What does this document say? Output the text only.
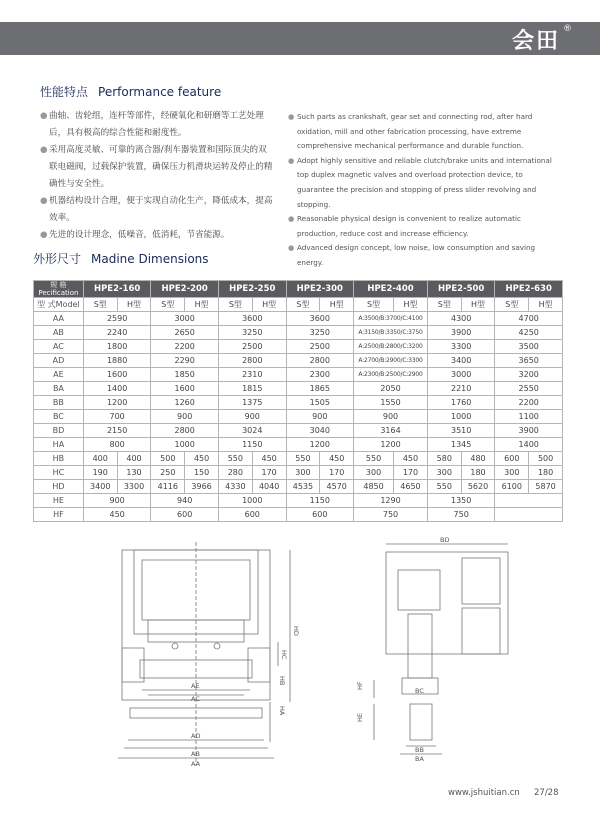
会田 ®
性能特点 Performance feature
● 曲轴、齿轮组，连杆等部件，经硬氧化和研磨等工艺处理后，具有极高的综合性能和耐度性。
● 采用高度灵敏、可靠的离合器/刹车器装置和国际顶尖的双联电磁阀，过载保护装置，确保压力机滑块运转及停止的精确性与安全性。
● 机器结构设计合理，便于实现自动化生产，降低成本，提高效率。
● 先进的设计理念，低噪音，低消耗，节省能源。
● Such parts as crankshaft, gear set and connecting rod, after hard oxidation, mill and other fabrication processing, have extreme comprehensive mechanical performance and durable function.
● Adopt highly sensitive and reliable clutch/brake units and international top duplex magnetic valves and overload protection device, to guarantee the precision and stopping of press slider revolving and stopping.
● Reasonable physical design is convenient to realize automatic production, reduce cost and increase efficiency.
● Advanced design concept, low noise, low consumption and saving energy.
外形尺寸 Madine Dimensions
规 格
Pecification	HPE2-160		HPE2-200		HPE2-250		HPE2-300		HPE2-400		HPE2-500		HPE2-630	
型 式Model	S型	H型	S型	H型	S型	H型	S型	H型	S型	H型	S型	H型	S型	H型
AA	2590		3000		3600		3600		A:3500/B:3700/C:4100		4300		4700	
AB	2240		2650		3250		3250		A:3150/B:3350/C:3750		3900		4250	
AC	1800		2200		2500		2500		A:2500/B:2800/C:3200		3300		3500	
AD	1880		2290		2800		2800		A:2700/B:2900/C:3300		3400		3650	
AE	1600		1850		2310		2300		A:2300/B:2500/C:2900		3000		3200	
BA	1400		1600		1815		1865		2050		2210		2550	
BB	1200		1260		1375		1505		1550		1760		2200	
BC	700		900		900		900		900		1000		1100	
BD	2150		2800		3024		3040		3164		3510		3900	
HA	800		1000		1150		1200		1200		1345		1400	
HB	400	400	500	450	550	450	550	450	550	450	580	480	600	500
HC	190	130	250	150	280	170	300	170	300	170	300	180	300	180
HD	3400	3300	4116	3966	4330	4040	4535	4570	4850	4650	550	5620	6100	5870
HE	900		940		1000		1150		1290		1350			
HF	450		600		600		600		750		750			
AE
AC
AD
AB
AA
HD
HC
HB
HA
BD
BC
BB
BA
HF
HE
www.jshuitian.cn 27/28
